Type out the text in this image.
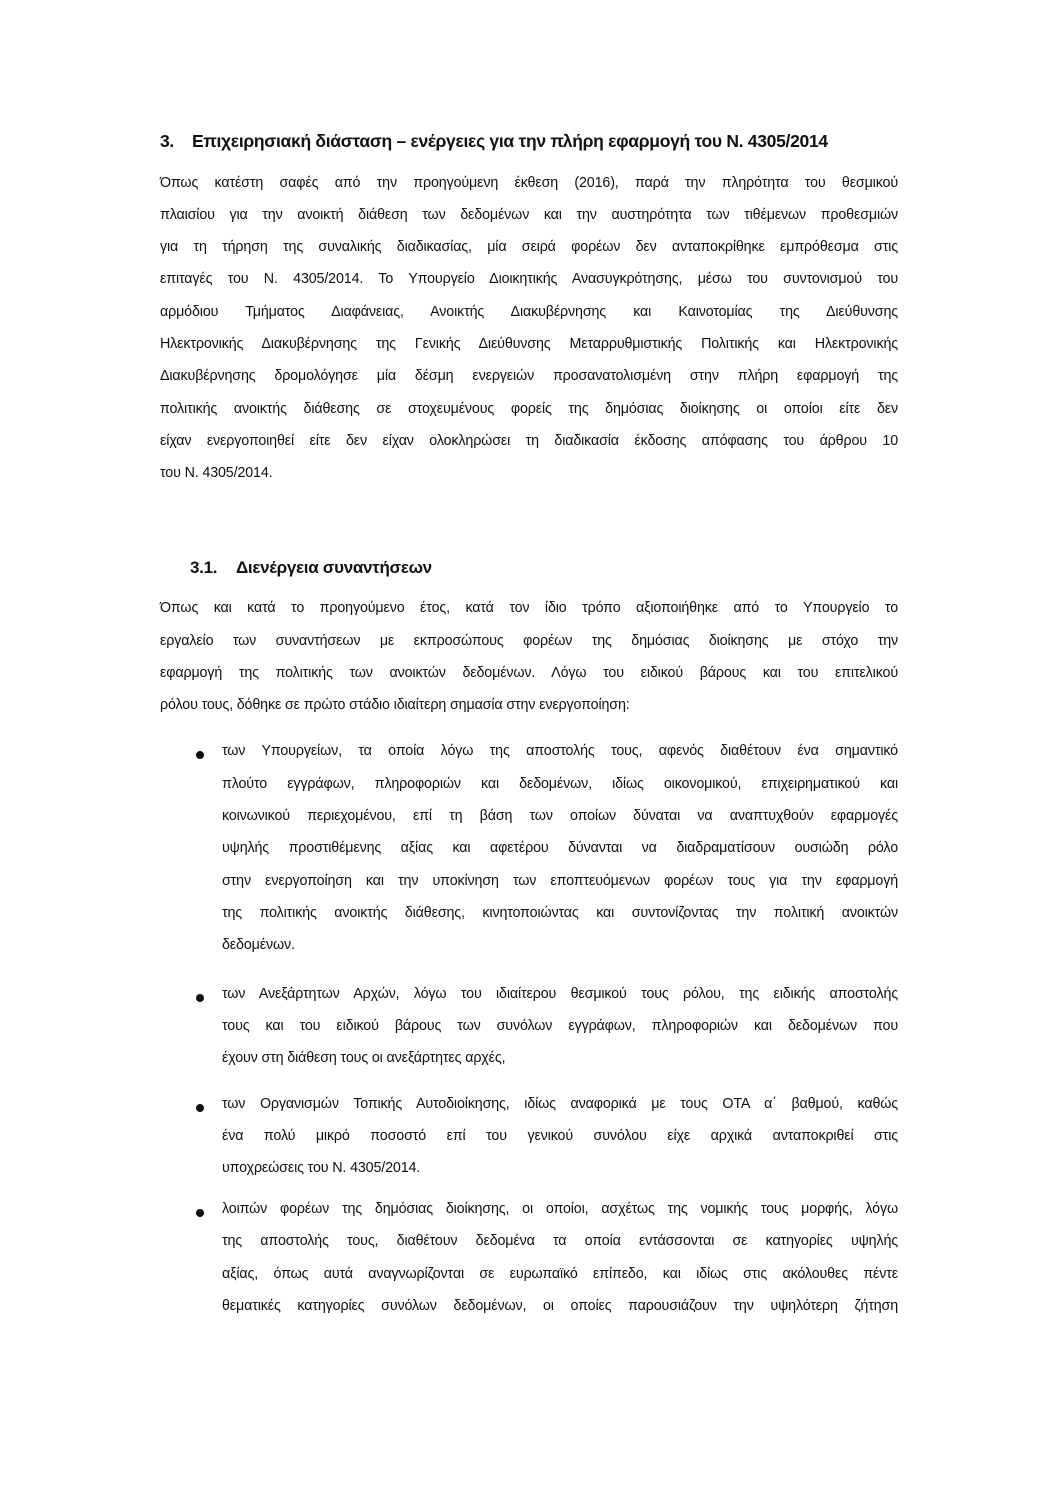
3. Επιχειρησιακή διάσταση – ενέργειες για την πλήρη εφαρμογή του Ν. 4305/2014
Όπως κατέστη σαφές από την προηγούμενη έκθεση (2016), παρά την πληρότητα του θεσμικού
πλαισίου για την ανοικτή διάθεση των δεδομένων και την αυστηρότητα των τιθέμενων προθεσμιών
για τη τήρηση της συναλικής διαδικασίας, μία σειρά φορέων δεν ανταποκρίθηκε εμπρόθεσμα στις
επιταγές του Ν. 4305/2014. Το Υπουργείο Διοικητικής Ανασυγκρότησης, μέσω του συντονισμού του
αρμόδιου Τμήματος Διαφάνειας, Ανοικτής Διακυβέρνησης και Καινοτομίας της Διεύθυνσης
Ηλεκτρονικής Διακυβέρνησης της Γενικής Διεύθυνσης Μεταρρυθμιστικής Πολιτικής και Ηλεκτρονικής
Διακυβέρνησης δρομολόγησε μία δέσμη ενεργειών προσανατολισμένη στην πλήρη εφαρμογή της
πολιτικής ανοικτής διάθεσης σε στοχευμένους φορείς της δημόσιας διοίκησης οι οποίοι είτε δεν
είχαν ενεργοποιηθεί είτε δεν είχαν ολοκληρώσει τη διαδικασία έκδοσης απόφασης του άρθρου 10
του Ν. 4305/2014.
3.1. Διενέργεια συναντήσεων
Όπως και κατά το προηγούμενο έτος, κατά τον ίδιο τρόπο αξιοποιήθηκε από το Υπουργείο το
εργαλείο των συναντήσεων με εκπροσώπους φορέων της δημόσιας διοίκησης με στόχο την
εφαρμογή της πολιτικής των ανοικτών δεδομένων. Λόγω του ειδικού βάρους και του επιτελικού
ρόλου τους, δόθηκε σε πρώτο στάδιο ιδιαίτερη σημασία στην ενεργοποίηση:
των Υπουργείων, τα οποία λόγω της αποστολής τους, αφενός διαθέτουν ένα σημαντικό
πλούτο εγγράφων, πληροφοριών και δεδομένων, ιδίως οικονομικού, επιχειρηματικού και
κοινωνικού περιεχομένου, επί τη βάση των οποίων δύναται να αναπτυχθούν εφαρμογές
υψηλής προστιθέμενης αξίας και αφετέρου δύνανται να διαδραματίσουν ουσιώδη ρόλο
στην ενεργοποίηση και την υποκίνηση των εποπτευόμενων φορέων τους για την εφαρμογή
της πολιτικής ανοικτής διάθεσης, κινητοποιώντας και συντονίζοντας την πολιτική ανοικτών
δεδομένων.
των Ανεξάρτητων Αρχών, λόγω του ιδιαίτερου θεσμικού τους ρόλου, της ειδικής αποστολής
τους και του ειδικού βάρους των συνόλων εγγράφων, πληροφοριών και δεδομένων που
έχουν στη διάθεση τους οι ανεξάρτητες αρχές,
των Οργανισμών Τοπικής Αυτοδιοίκησης, ιδίως αναφορικά με τους ΟΤΑ α΄ βαθμού, καθώς
ένα πολύ μικρό ποσοστό επί του γενικού συνόλου είχε αρχικά ανταποκριθεί στις
υποχρεώσεις του Ν. 4305/2014.
λοιπών φορέων της δημόσιας διοίκησης, οι οποίοι, ασχέτως της νομικής τους μορφής, λόγω
της αποστολής τους, διαθέτουν δεδομένα τα οποία εντάσσονται σε κατηγορίες υψηλής
αξίας, όπως αυτά αναγνωρίζονται σε ευρωπαϊκό επίπεδο, και ιδίως στις ακόλουθες πέντε
θεματικές κατηγορίες συνόλων δεδομένων, οι οποίες παρουσιάζουν την υψηλότερη ζήτηση
